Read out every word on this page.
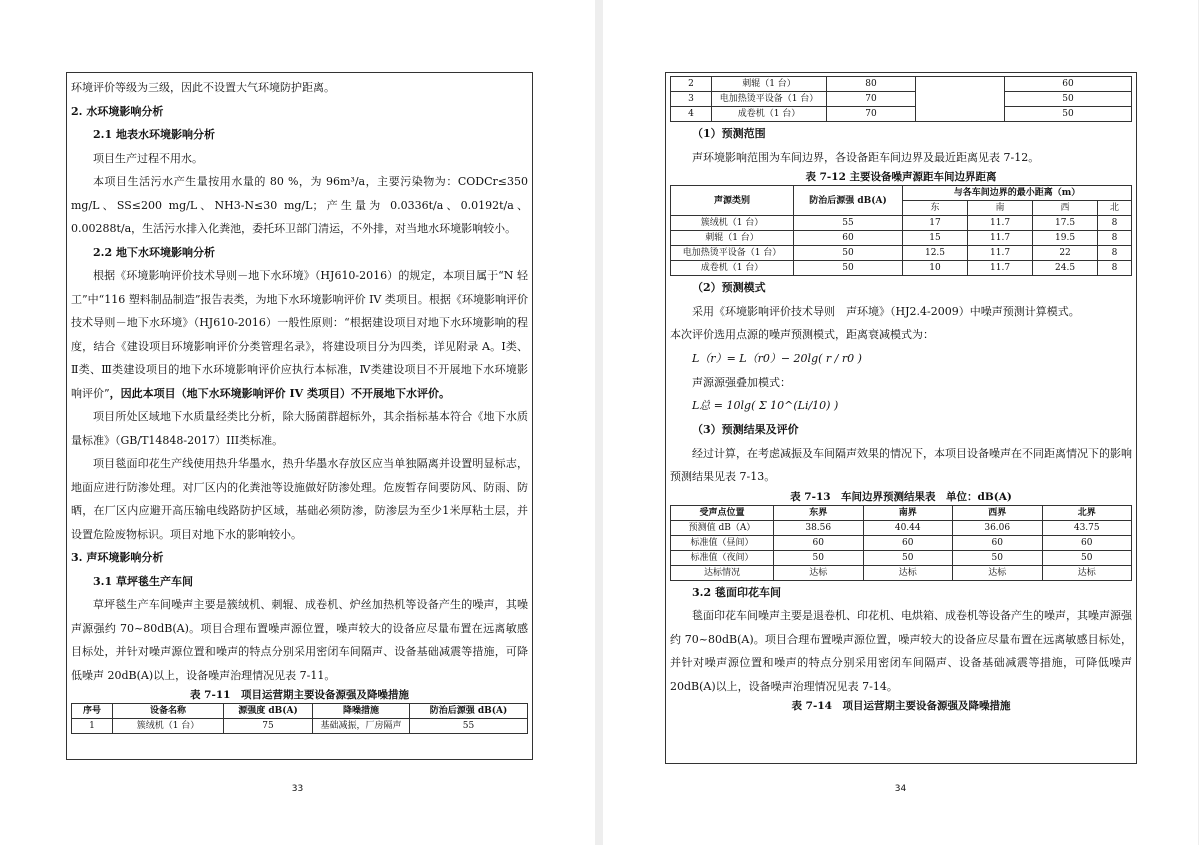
环境评价等级为三级，因此不设置大气环境防护距离。

2. 水环境影响分析

2.1 地表水环境影响分析

项目生产过程不用水。

本项目生活污水产生量按用水量的 80 %，为 96m³/a，主要污染物为：CODCr≤350 mg/L、SS≤200 mg/L、NH3-N≤30 mg/L；产生量为 0.0336t/a、0.0192t/a、0.00288t/a，生活污水排入化粪池，委托环卫部门清运，不外排，对当地水环境影响较小。

2.2 地下水环境影响分析

根据《环境影响评价技术导则－地下水环境》（HJ610-2016）的规定，本项目属于“N 轻工”中“116 塑料制品制造”报告表类，为地下水环境影响评价 IV 类项目。根据《环境影响评价技术导则－地下水环境》（HJ610-2016）一般性原则：“根据建设项目对地下水环境影响的程度，结合《建设项目环境影响评价分类管理名录》，将建设项目分为四类，详见附录 A。Ⅰ类、Ⅱ类、Ⅲ类建设项目的地下水环境影响评价应执行本标准，Ⅳ类建设项目不开展地下水环境影响评价”，因此本项目（地下水环境影响评价 IV 类项目）不开展地下水评价。

项目所处区域地下水质量经类比分析，除大肠菌群超标外，其余指标基本符合《地下水质量标准》（GB/T14848-2017）III类标准。

项目毯面印花生产线使用热升华墨水，热升华墨水存放区应当单独隔离并设置明显标志，地面应进行防渗处理。对厂区内的化粪池等设施做好防渗处理。危废暂存间要防风、防雨、防晒，在厂区内应避开高压输电线路防护区域，基础必须防渗，防渗层为至少1米厚粘土层，并设置危险废物标识。项目对地下水的影响较小。

3. 声环境影响分析

3.1 草坪毯生产车间

草坪毯生产车间噪声主要是簇绒机、刺辊、成卷机、炉丝加热机等设备产生的噪声，其噪声源强约 70~80dB(A)。项目合理布置噪声源位置，噪声较大的设备应尽量布置在远离敏感目标处，并针对噪声源位置和噪声的特点分别采用密闭车间隔声、设备基础减震等措施，可降低噪声 20dB(A)以上，设备噪声治理情况见表 7-11。

表 7-11　项目运营期主要设备源强及降噪措施
序号	设备名称	源强度 dB(A)	降噪措施	防治后源强 dB(A)
1	簇绒机（1 台）	75	基础减振，厂房隔声	55
33
2	刺辊（1 台）	80		60
3	电加热烫平设备（1 台）	70		50
4	成卷机（1 台）	70		50

（1）预测范围

声环境影响范围为车间边界，各设备距车间边界及最近距离见表 7-12。

表 7-12 主要设备噪声源距车间边界距离
声源类别	防治后源强 dB(A)	与各车间边界的最小距离（m）			
		东	南	西	北
簇绒机（1 台）	55	17	11.7	17.5	8
刺辊（1 台）	60	15	11.7	19.5	8
电加热烫平设备（1 台）	50	12.5	11.7	22	8
成卷机（1 台）	50	10	11.7	24.5	8

（2）预测模式

采用《环境影响评价技术导则　声环境》（HJ2.4-2009）中噪声预测计算模式。

本次评价选用点源的噪声预测模式，距离衰减模式为：

L（r）= L（r0）− 20lg( r / r0 )

声源源强叠加模式：

L总 = 10lg( Σ 10^(Li/10) )

（3）预测结果及评价

经过计算，在考虑减振及车间隔声效果的情况下，本项目设备噪声在不同距离情况下的影响预测结果见表 7-13。

表 7-13　车间边界预测结果表　单位：dB(A)
受声点位置	东界	南界	西界	北界
预测值 dB（A）	38.56	40.44	36.06	43.75
标准值（昼间）	60	60	60	60
标准值（夜间）	50	50	50	50
达标情况	达标	达标	达标	达标

3.2 毯面印花车间

毯面印花车间噪声主要是退卷机、印花机、电烘箱、成卷机等设备产生的噪声，其噪声源强约 70~80dB(A)。项目合理布置噪声源位置，噪声较大的设备应尽量布置在远离敏感目标处，并针对噪声源位置和噪声的特点分别采用密闭车间隔声、设备基础减震等措施，可降低噪声 20dB(A)以上，设备噪声治理情况见表 7-14。

表 7-14　项目运营期主要设备源强及降噪措施
34
